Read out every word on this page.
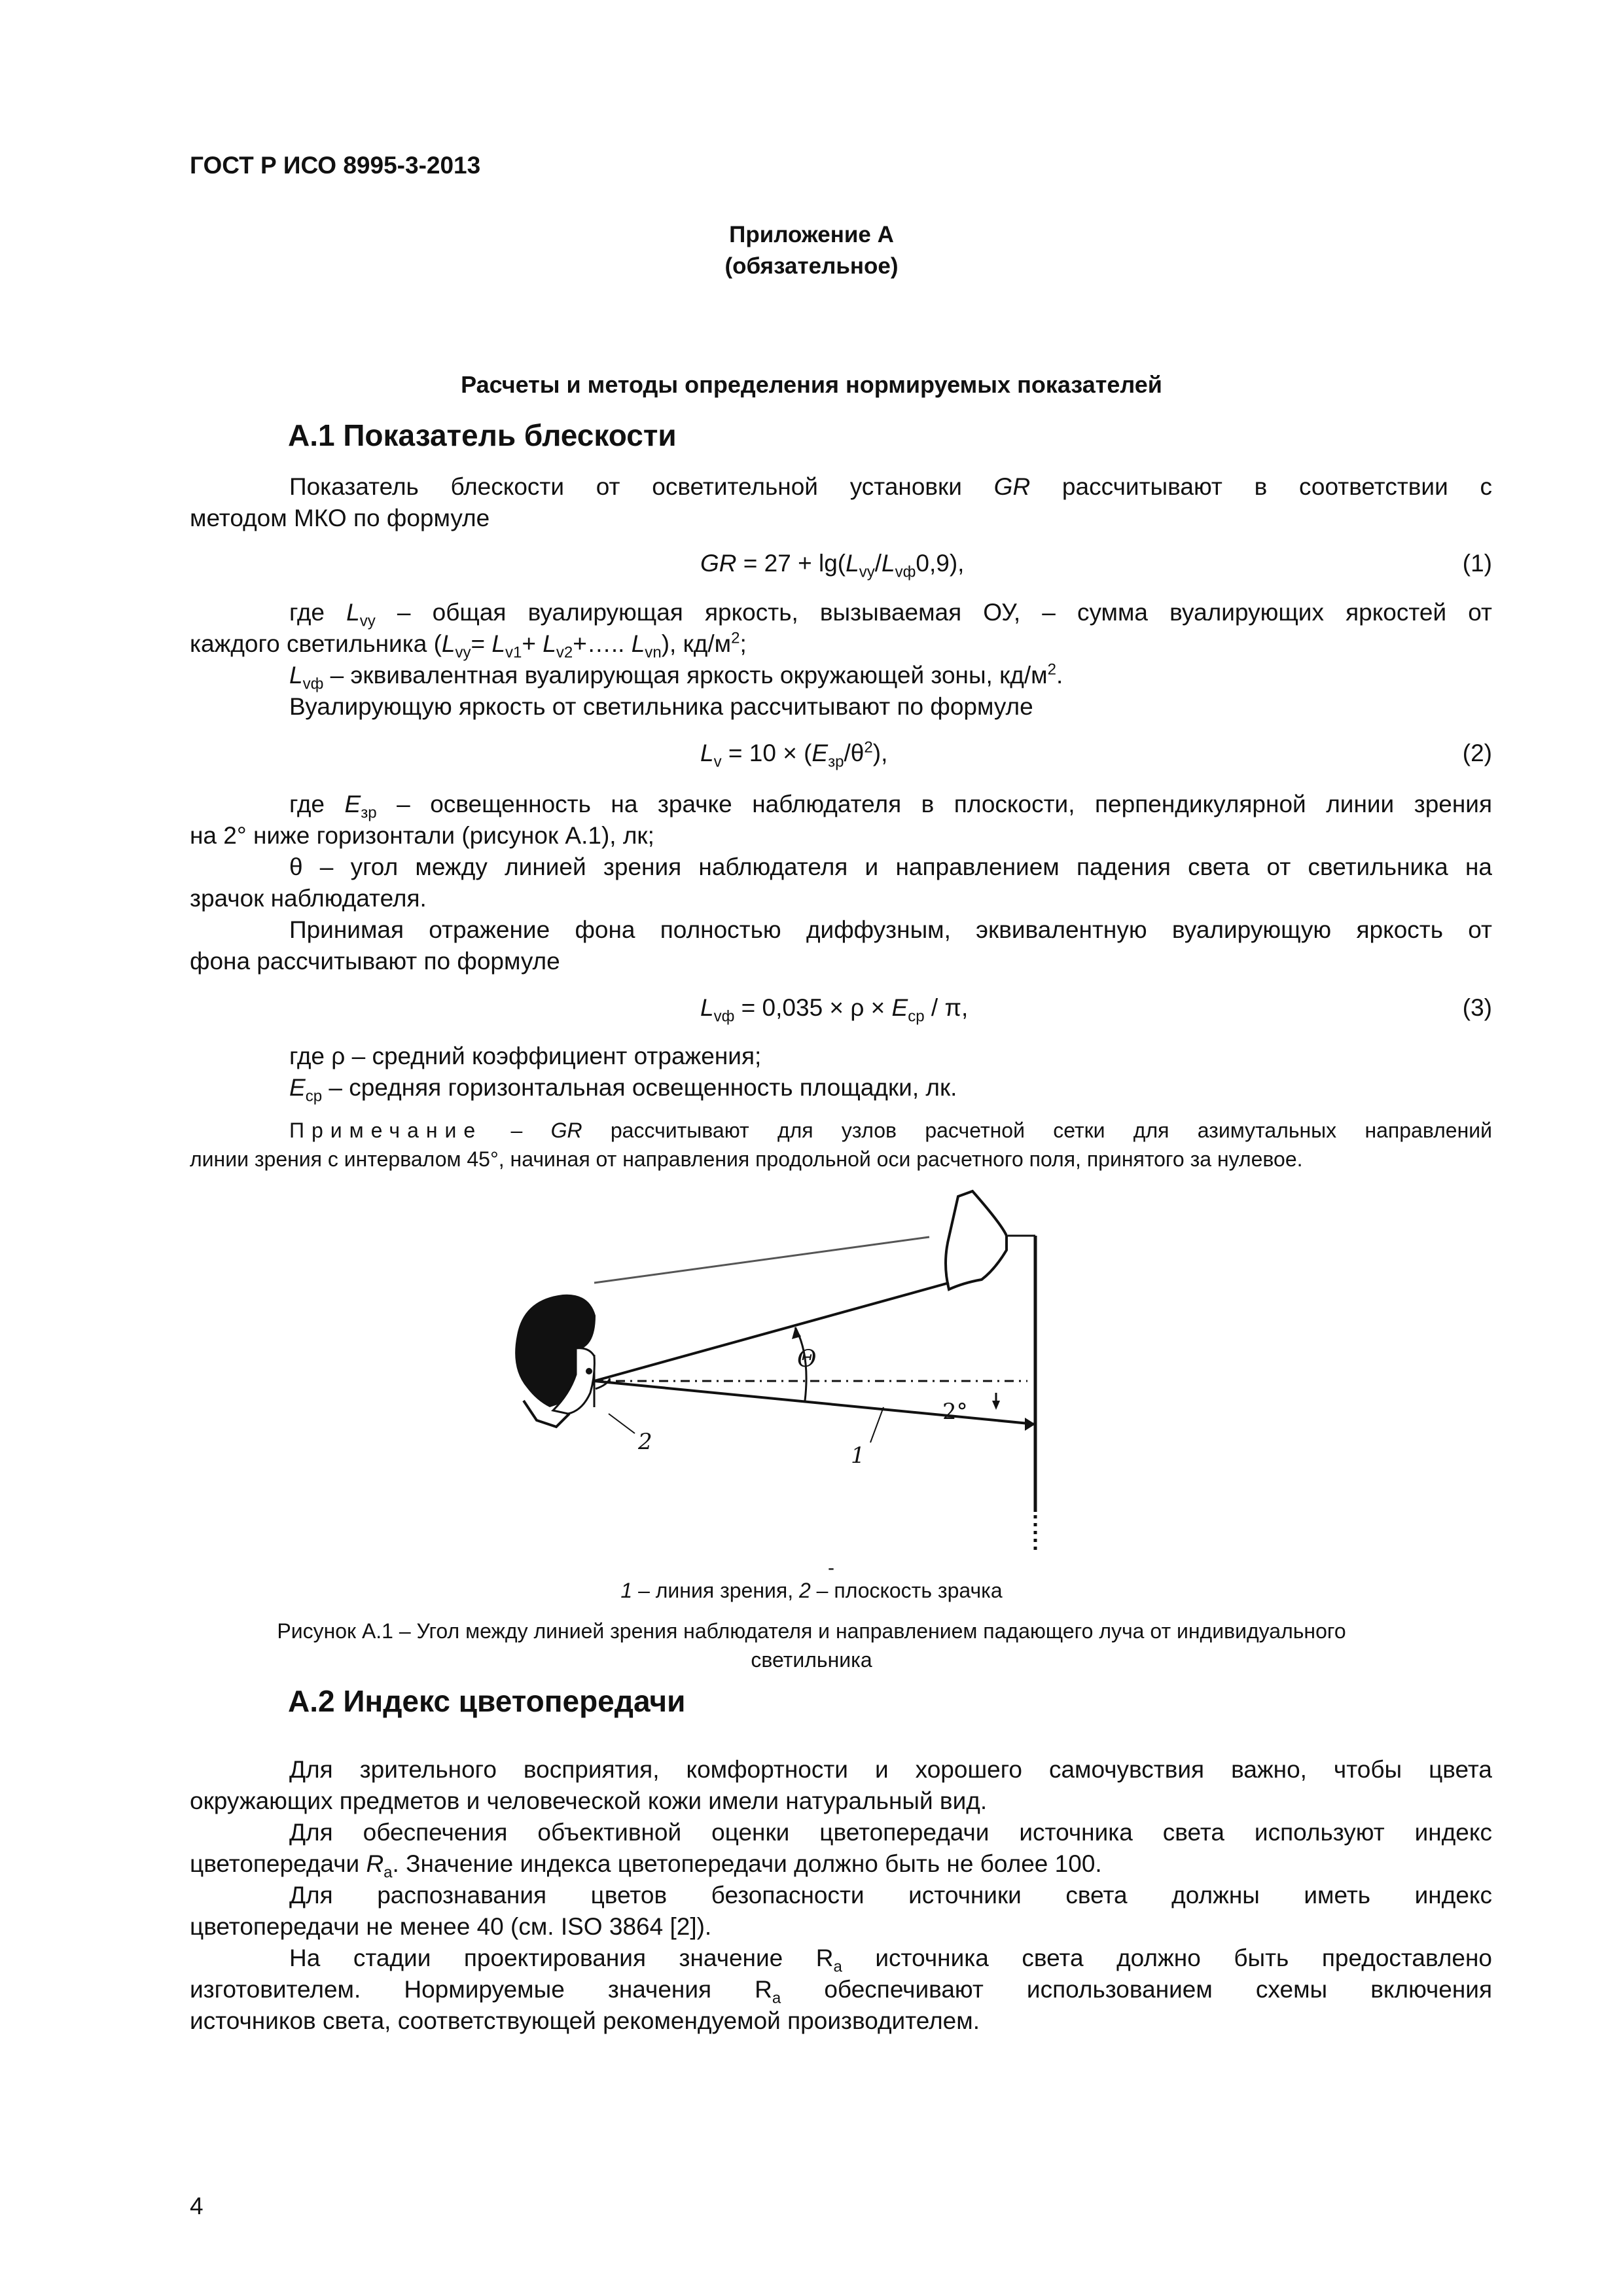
ГОСТ Р ИСО 8995-3-2013
Приложение А
(обязательное)
Расчеты и методы определения нормируемых показателей
А.1 Показатель блескости
Показатель блескости от осветительной установки GR рассчитывают в соответствии с
методом МКО по формуле
GR = $27 + \lg(L_{vy}/L_{vф}0,9)$,	(1)
где $L_{vy}$ – общая вуалирующая яркость, вызываемая ОУ, – сумма вуалирующих яркостей от
каждого светильника ($L_{vy}= L_{v1}+$ $L_{v2}+\dots$.. $L_{vn}$), $кд/м^2$;
$L_{vф}$ – эквивалентная вуалирующая яркость окружающей зоны, $кд/м^2$.
Вуалирующую яркость от светильника рассчитывают по формуле
$L_v = 10 \times (E_{зр}/\theta^2)$,	(2)
где $E_{зр}$ – освещенность на зрачке наблюдателя в плоскости, перпендикулярной линии зрения
на 2° ниже горизонтали (рисунок А.1), лк;
θ – угол между линией зрения наблюдателя и направлением падения света от светильника на
зрачок наблюдателя.
Принимая отражение фона полностью диффузным, эквивалентную вуалирующую яркость от
фона рассчитывают по формуле
$L_{vф} = 0,035 \times \rho \times E_{ср} / \pi$,	(3)
где ρ – средний коэффициент отражения;
$E_{ср}$ – средняя горизонтальная освещенность площадки, лк.
Примечание – GR рассчитывают для узлов расчетной сетки для азимутальных направлений
линии зрения с интервалом 45°, начиная от направления продольной оси расчетного поля, принятого за нулевое.
Θ
2°
1
2
-
1 – линия зрения, 2 – плоскость зрачка
Рисунок А.1 – Угол между линией зрения наблюдателя и направлением падающего луча от индивидуального
светильника
А.2 Индекс цветопередачи
Для зрительного восприятия, комфортности и хорошего самочувствия важно, чтобы цвета
окружающих предметов и человеческой кожи имели натуральный вид.
Для обеспечения объективной оценки цветопередачи источника света используют индекс
цветопередачи $R_a$. Значение индекса цветопередачи должно быть не более 100.
Для распознавания цветов безопасности источники света должны иметь индекс
цветопередачи не менее 40 (см. ISO 3864 [2]).
На стадии проектирования значение $R_a$ источника света должно быть предоставлено
изготовителем. Нормируемые значения $R_a$ обеспечивают использованием схемы включения
источников света, соответствующей рекомендуемой производителем.
4
